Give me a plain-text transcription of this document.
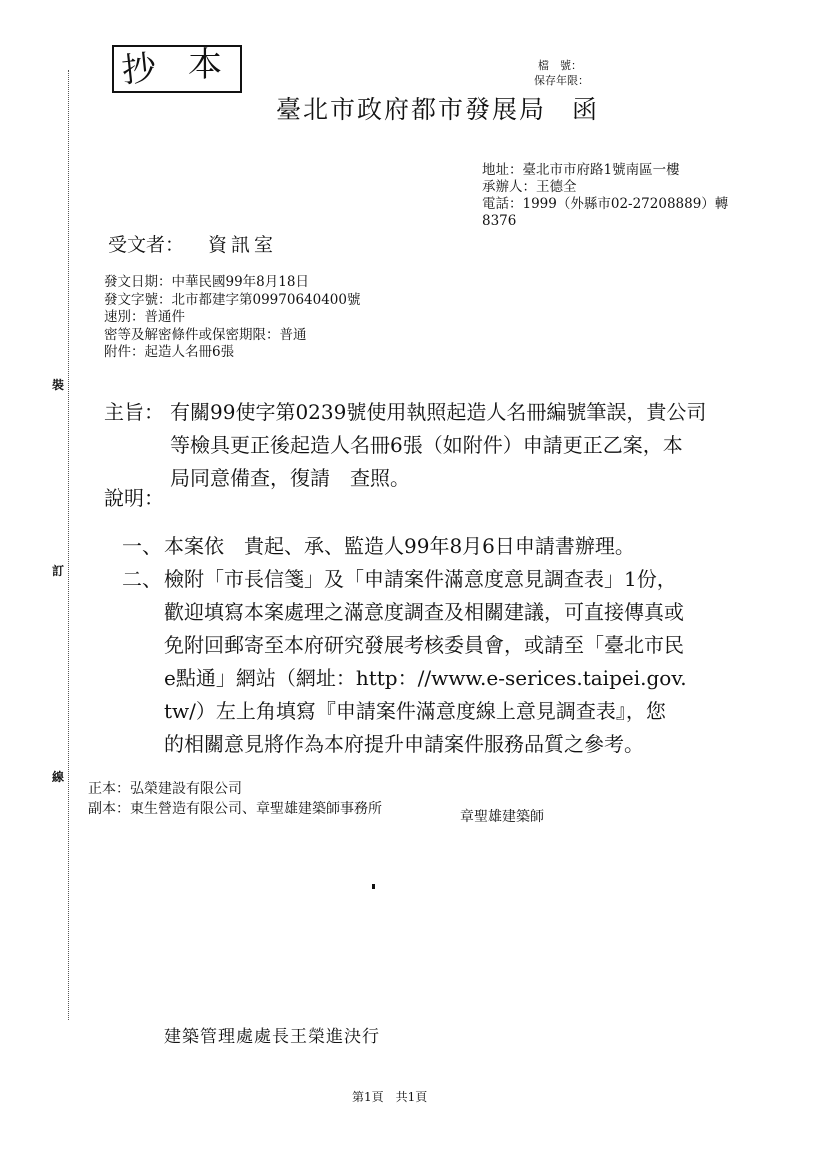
裝
訂
線
抄 本	檔　號：
保存年限：
臺北市政府都市發展局 函
地址：臺北市市府路1號南區一樓
承辦人：王德全
電話：1999（外縣市02-27208889）轉
8376
受文者： 資訊室
發文日期：中華民國99年8月18日
發文字號：北市都建字第09970640400號
速別：普通件
密等及解密條件或保密期限：普通
附件：起造人名冊6張
主旨： 有關99使字第0239號使用執照起造人名冊編號筆誤，貴公司
等檢具更正後起造人名冊6張（如附件）申請更正乙案，本
局同意備查，復請　查照。
說明：
一、 本案依　貴起、承、監造人99年8月6日申請書辦理。
二、 檢附「市長信箋」及「申請案件滿意度意見調查表」1份，
歡迎填寫本案處理之滿意度調查及相關建議，可直接傳真或
免附回郵寄至本府研究發展考核委員會，或請至「臺北市民
e點通」網站（網址：http：//www.e-serices.taipei.gov.
tw/）左上角填寫『申請案件滿意度線上意見調查表』，您
的相關意見將作為本府提升申請案件服務品質之參考。
正本：弘榮建設有限公司
副本：東生營造有限公司、章聖雄建築師事務所	章聖雄建築師
建築管理處處長王榮進決行
第1頁　共1頁
